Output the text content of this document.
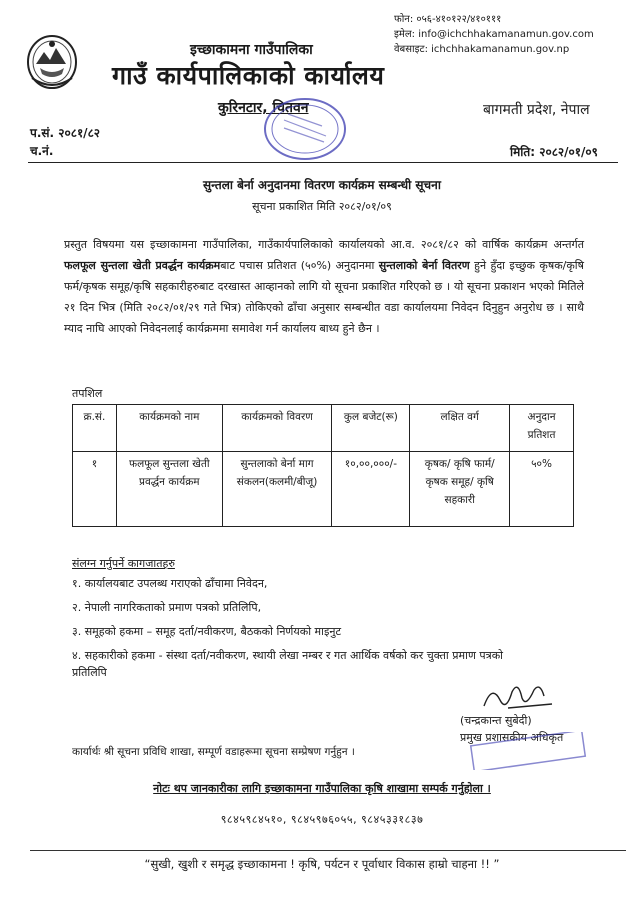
फोन: ०५६-४१०१२२/४१०१११
इमेल: info@ichchhakamanamun.gov.com
वेबसाइट: ichchhakamanamun.gov.np
इच्छाकामना गाउँपालिका
गाउँ कार्यपालिकाको कार्यालय
कुरिनटार, चितवन	बागमती प्रदेश, नेपाल
प.सं. २०८१/८२
च.नं.	मिति: २०८२/०१/०९
सुन्तला बेर्ना अनुदानमा वितरण कार्यक्रम सम्बन्धी सूचना
सूचना प्रकाशित मिति २०८२/०१/०९
प्रस्तुत विषयमा यस इच्छाकामना गाउँपालिका, गाउँकार्यपालिकाको कार्यालयको आ.व. २०८१/८२ को वार्षिक कार्यक्रम अन्तर्गत फलफूल सुन्तला खेती प्रवर्द्धन कार्यक्रमबाट पचास प्रतिशत (५०%) अनुदानमा सुन्तलाको बेर्ना वितरण हुने हुँदा इच्छुक कृषक/कृषि फर्म/कृषक समूह/कृषि सहकारीहरुबाट दरखास्त आव्हानको लागि यो सूचना प्रकाशित गरिएको छ । यो सूचना प्रकाशन भएको मितिले २१ दिन भित्र (मिति २०८२/०१/२९ गते भित्र) तोकिएको ढाँचा अनुसार सम्बन्धीत वडा कार्यालयमा निवेदन दिनुहुन अनुरोध छ । साथै म्याद नाघि आएको निवेदनलाई कार्यक्रममा समावेश गर्न कार्यालय बाध्य हुने छैन ।
तपशिल
क्र.सं.	कार्यक्रमको नाम	कार्यक्रमको विवरण	कुल बजेट(रू)	लक्षित वर्ग	अनुदान प्रतिशत
१	फलफूल सुन्तला खेती प्रवर्द्धन कार्यक्रम	सुन्तलाको बेर्ना माग संकलन(कलमी/बीजू)	१०,००,०००/-	कृषक/ कृषि फार्म/ कृषक समूह/ कृषि सहकारी	५०%
संलग्न गर्नुपर्ने कागजातहरु
१. कार्यालयबाट उपलब्ध गराएको ढाँचामा निवेदन,
२. नेपाली नागरिकताको प्रमाण पत्रको प्रतिलिपि,
३. समूहको हकमा – समूह दर्ता/नवीकरण, बैठकको निर्णयको माइनुट
४. सहकारीको हकमा - संस्था दर्ता/नवीकरण, स्थायी लेखा नम्बर र गत आर्थिक वर्षको कर चुक्ता प्रमाण पत्रको प्रतिलिपि
(चन्द्रकान्त सुबेदी)
प्रमुख प्रशासकीय अधिकृत
कार्यार्थः श्री सूचना प्रविधि शाखा, सम्पूर्ण वडाहरूमा सूचना सम्प्रेषण गर्नुहुन ।
नोटः थप जानकारीका लागि इच्छाकामना गाउँपालिका कृषि शाखामा सम्पर्क गर्नुहोला ।
९८४५९८४५१०, ९८४५९७६०५५, ९८४५३३१८३७
“सुखी, खुशी र समृद्ध इच्छाकामना ! कृषि, पर्यटन र पूर्वाधार विकास हाम्रो चाहना !! ”
